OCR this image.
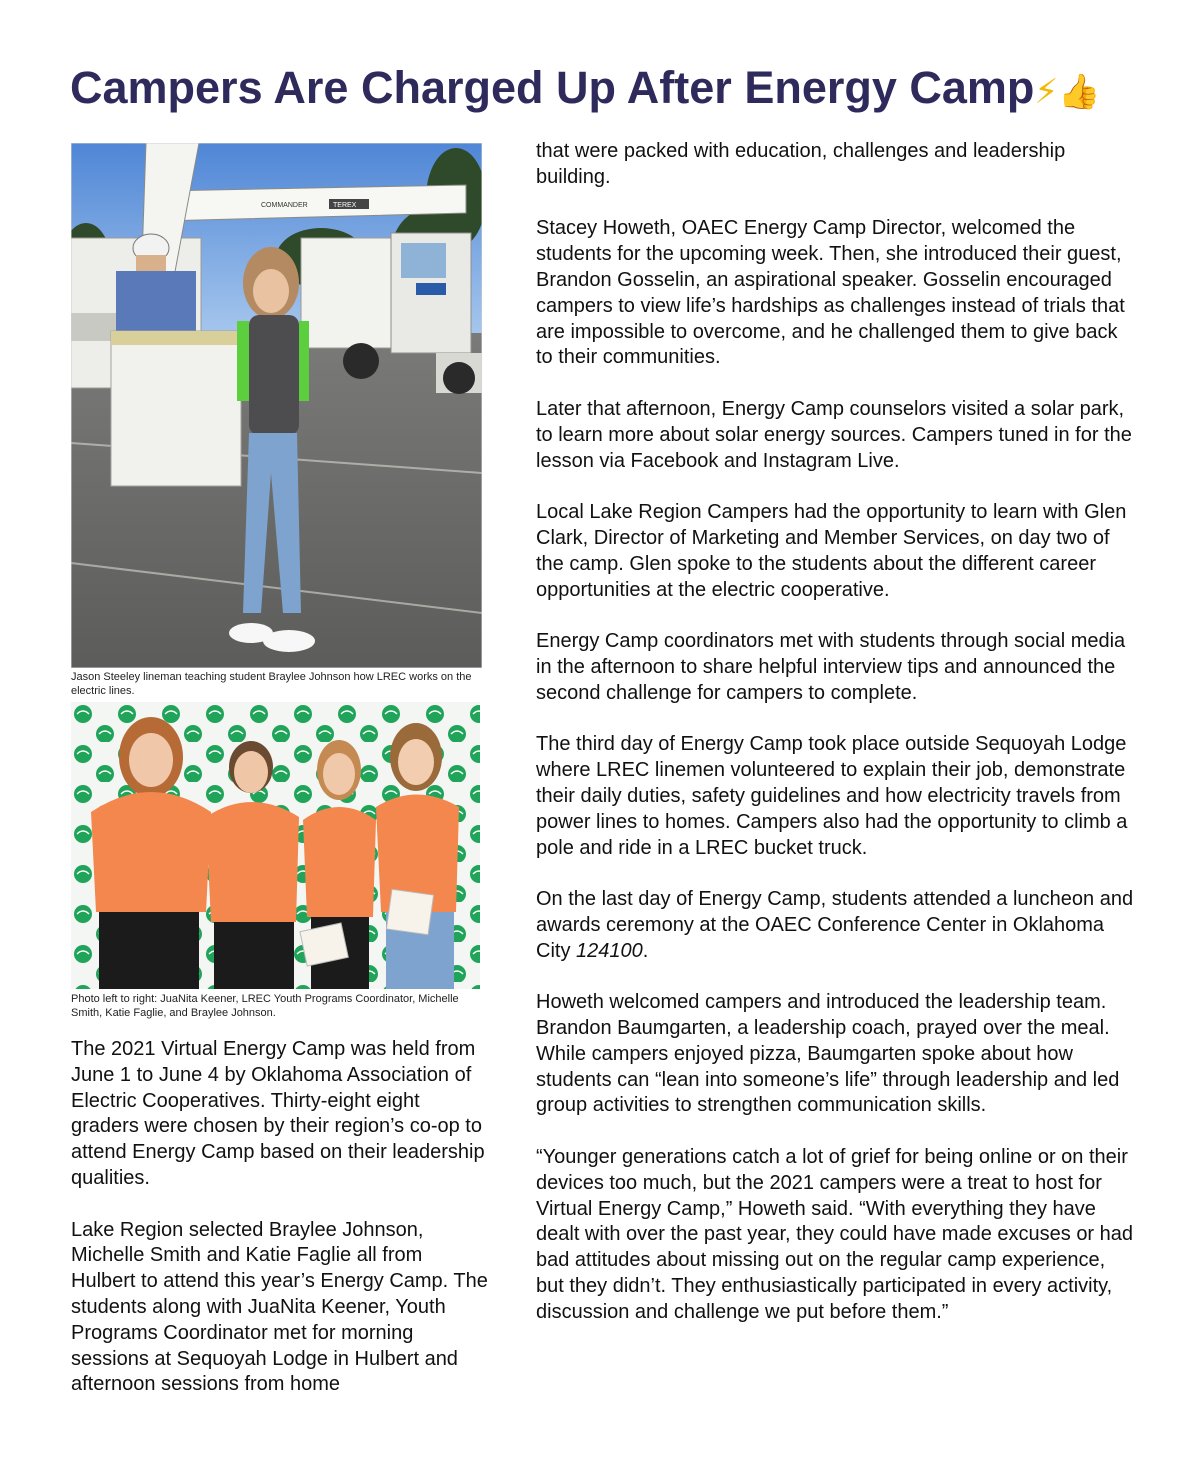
Campers Are Charged Up After Energy Camp⚡👍
COMMANDER	TEREX
Jason Steeley lineman teaching student Braylee Johnson how LREC works on the electric lines.
Photo left to right: JuaNita Keener, LREC Youth Programs Coordinator, Michelle Smith, Katie Faglie, and Braylee Johnson.

The 2021 Virtual Energy Camp was held from June 1 to June 4 by Oklahoma Association of Electric Cooperatives. Thirty-eight eight graders were chosen by their region’s co-op to attend Energy Camp based on their leadership qualities.

Lake Region selected Braylee Johnson, Michelle Smith and Katie Faglie all from Hulbert to attend this year’s Energy Camp. The students along with JuaNita Keener, Youth Programs Coordinator met for morning sessions at Sequoyah Lodge in Hulbert and afternoon sessions from home

that were packed with education, challenges and leadership building.

Stacey Howeth, OAEC Energy Camp Director, welcomed the students for the upcoming week. Then, she introduced their guest, Brandon Gosselin, an aspirational speaker. Gosselin encouraged campers to view life’s hardships as challenges instead of trials that are impossible to overcome, and he challenged them to give back to their communities.

Later that afternoon, Energy Camp counselors visited a solar park, to learn more about solar energy sources. Campers tuned in for the lesson via Facebook and Instagram Live.

Local Lake Region Campers had the opportunity to learn with Glen Clark, Director of Marketing and Member Services, on day two of the camp. Glen spoke to the students about the different career opportunities at the electric cooperative.

Energy Camp coordinators met with students through social media in the afternoon to share helpful interview tips and announced the second challenge for campers to complete.

The third day of Energy Camp took place outside Sequoyah Lodge where LREC linemen volunteered to explain their job, demonstrate their daily duties, safety guidelines and how electricity travels from power lines to homes. Campers also had the opportunity to climb a pole and ride in a LREC bucket truck.

On the last day of Energy Camp, students attended a luncheon and awards ceremony at the OAEC Conference Center in Oklahoma City 124100.

Howeth welcomed campers and introduced the leadership team. Brandon Baumgarten, a leadership coach, prayed over the meal. While campers enjoyed pizza, Baumgarten spoke about how students can “lean into someone’s life” through leadership and led group activities to strengthen communication skills.

“Younger generations catch a lot of grief for being online or on their devices too much, but the 2021 campers were a treat to host for Virtual Energy Camp,” Howeth said. “With everything they have dealt with over the past year, they could have made excuses or had bad attitudes about missing out on the regular camp experience, but they didn’t. They enthusiastically participated in every activity, discussion and challenge we put before them.”
